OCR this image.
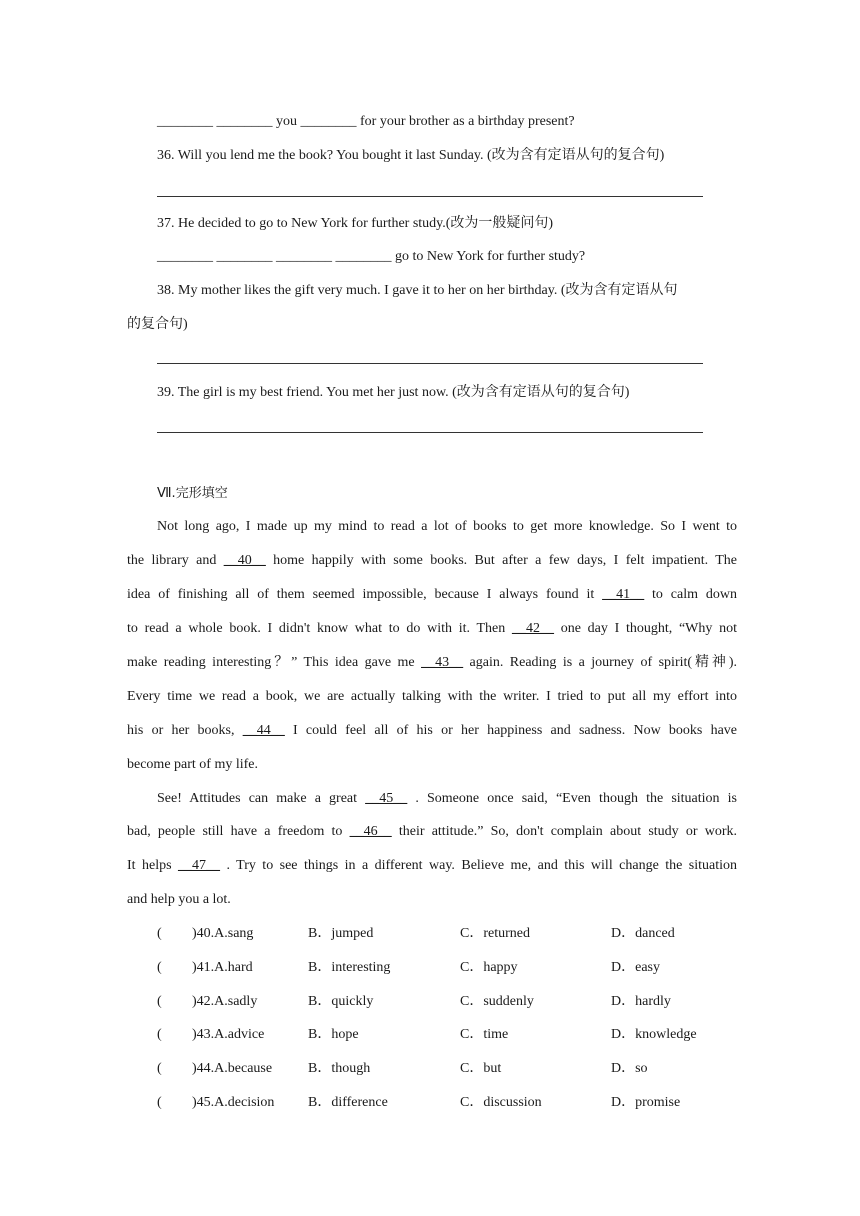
________ ________ you ________ for your brother as a birthday present?
36. Will you lend me the book? You bought it last Sunday. (改为含有定语从句的复合句)
37. He decided to go to New York for further study.(改为一般疑问句)
________ ________ ________ ________ go to New York for further study?
38. My mother likes the gift very much. I gave it to her on her birthday. (改为含有定语从句
的复合句)
39. The girl is my best friend. You met her just now. (改为含有定语从句的复合句)
Ⅶ.完形填空
Not long ago, I made up my mind to read a lot of books to get more knowledge. So I went to
the library and __40__ home happily with some books. But after a few days, I felt impatient. The
idea of finishing all of them seemed impossible, because I always found it __41__ to calm down
to read a whole book. I didn't know what to do with it. Then __42__ one day I thought, “Why not
make reading interesting？” This idea gave me __43__ again. Reading is a journey of spirit(精神).
Every time we read a book, we are actually talking with the writer. I tried to put all my effort into
his or her books, __44__ I could feel all of his or her happiness and sadness. Now books have
become part of my life.
See! Attitudes can make a great __45__ . Someone once said, “Even though the situation is
bad, people still have a freedom to __46__ their attitude.” So, don't complain about study or work.
It helps __47__ . Try to see things in a different way. Believe me, and this will change the situation
and help you a lot.
( )40.A.sang	B．jumped	C．returned	D．danced
( )41.A.hard	B．interesting	C．happy	D．easy
( )42.A.sadly	B．quickly	C．suddenly	D．hardly
( )43.A.advice	B．hope	C．time	D．knowledge
( )44.A.because	B．though	C．but	D．so
( )45.A.decision B．difference	C．discussion	D．promise
